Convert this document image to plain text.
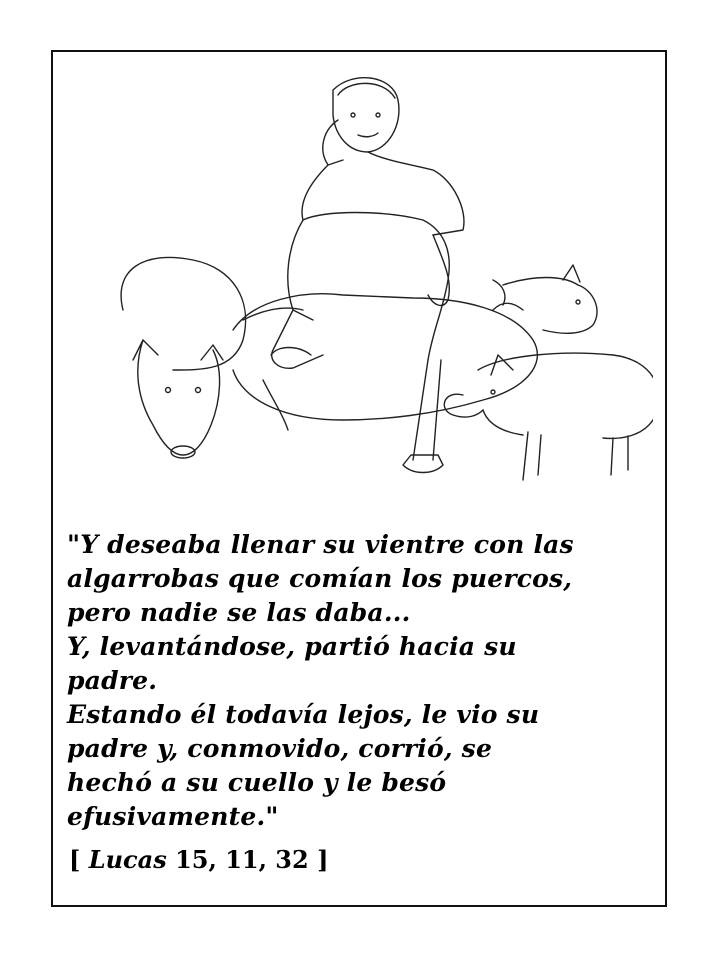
"Y deseaba llenar su vientre con las
algarrobas que comían los puercos,
pero nadie se las daba...
Y, levantándose, partió hacia su
padre.
Estando él todavía lejos, le vio su
padre y, conmovido, corrió, se
hechó a su cuello y le besó
efusivamente."
[ Lucas 15, 11, 32 ]
